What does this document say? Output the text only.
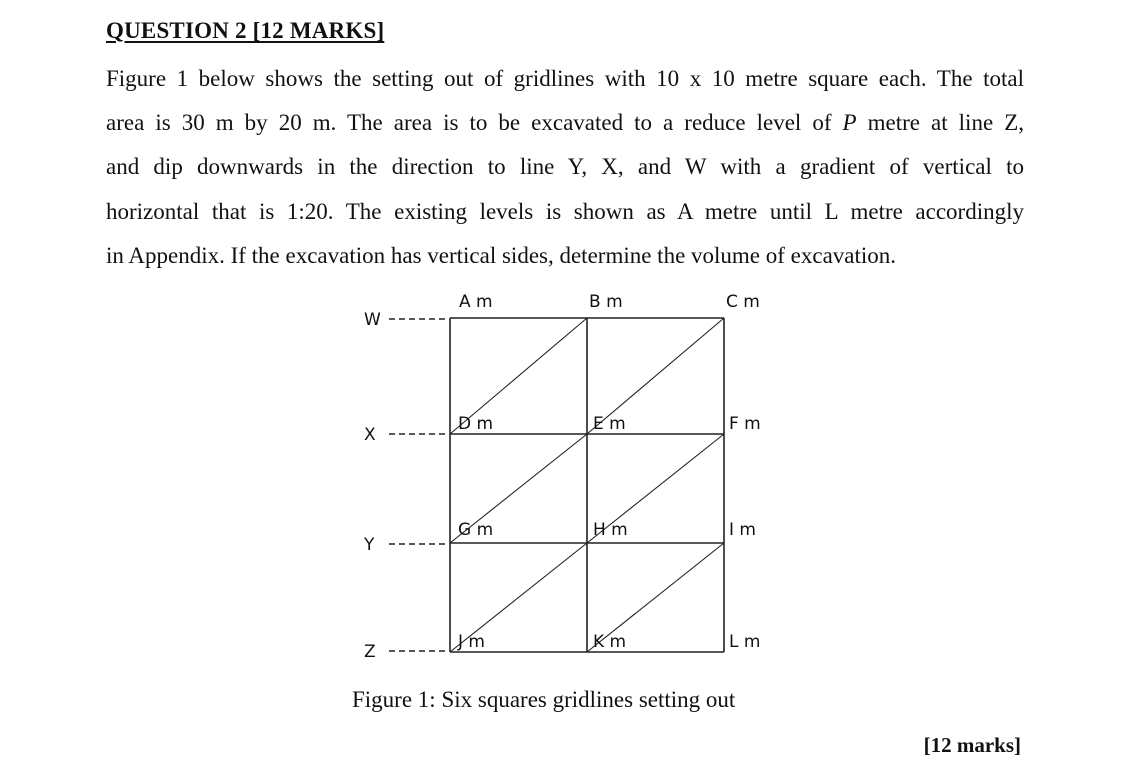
QUESTION 2 [12 MARKS]

Figure 1 below shows the setting out of gridlines with 10 x 10 metre square each. The total
area is 30 m by 20 m. The area is to be excavated to a reduce level of P metre at line Z,
and dip downwards in the direction to line Y, X, and W with a gradient of vertical to
horizontal that is 1:20. The existing levels is shown as A metre until L metre accordingly
in Appendix. If the excavation has vertical sides, determine the volume of excavation.

W
X
Y
Z
A m	B m	C m
D m	E m	F m
G m	H m	I m
J m	K m	L m
Figure 1: Six squares gridlines setting out
[12 marks]
